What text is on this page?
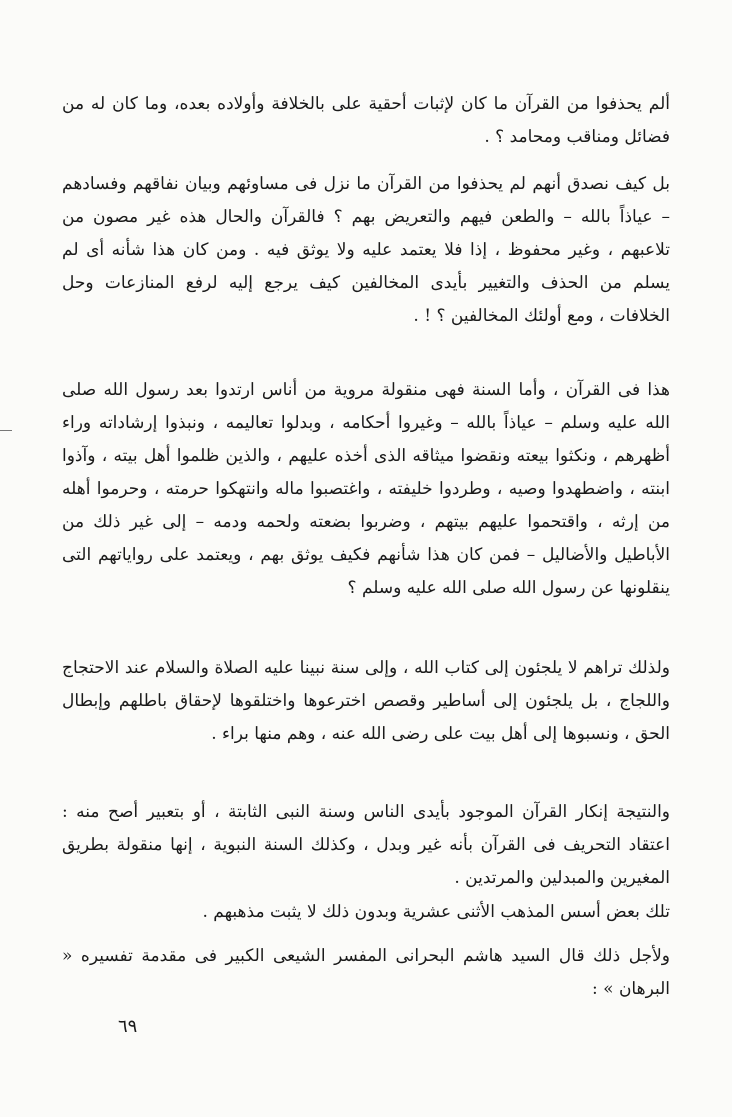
ألم يحذفوا من القرآن ما كان لإثبات أحقية على بالخلافة وأولاده بعده، وما كان له من فضائل ومناقب ومحامد ؟ .

بل كيف نصدق أنهم لم يحذفوا من القرآن ما نزل فى مساوئهم وبيان نفاقهم وفسادهم – عياذاً بالله – والطعن فيهم والتعريض بهم ؟ فالقرآن والحال هذه غير مصون من تلاعبهم ، وغير محفوظ ، إذا فلا يعتمد عليه ولا يوثق فيه . ومن كان هذا شأنه أى لم يسلم من الحذف والتغيير بأيدى المخالفين كيف يرجع إليه لرفع المنازعات وحل الخلافات ، ومع أولئك المخالفين ؟ ! .

هذا فى القرآن ، وأما السنة فهى منقولة مروية من أناس ارتدوا بعد رسول الله صلى الله عليه وسلم – عياذاً بالله – وغيروا أحكامه ، وبدلوا تعاليمه ، ونبذوا إرشاداته وراء أظهرهم ، ونكثوا بيعته ونقضوا ميثاقه الذى أخذه عليهم ، والذين ظلموا أهل بيته ، وآذوا ابنته ، واضطهدوا وصيه ، وطردوا خليفته ، واغتصبوا ماله وانتهكوا حرمته ، وحرموا أهله من إرثه ، واقتحموا عليهم بيتهم ، وضربوا بضعته ولحمه ودمه – إلى غير ذلك من الأباطيل والأضاليل – فمن كان هذا شأنهم فكيف يوثق بهم ، ويعتمد على رواياتهم التى ينقلونها عن رسول الله صلى الله عليه وسلم ؟

ولذلك تراهم لا يلجئون إلى كتاب الله ، وإلى سنة نبينا عليه الصلاة والسلام عند الاحتجاج واللجاج ، بل يلجئون إلى أساطير وقصص اخترعوها واختلقوها لإحقاق باطلهم وإبطال الحق ، ونسبوها إلى أهل بيت على رضى الله عنه ، وهم منها براء .

والنتيجة إنكار القرآن الموجود بأيدى الناس وسنة النبى الثابتة ، أو بتعبير أصح منه : اعتقاد التحريف فى القرآن بأنه غير وبدل ، وكذلك السنة النبوية ، إنها منقولة بطريق المغيرين والمبدلين والمرتدين .

تلك بعض أسس المذهب الأثنى عشرية وبدون ذلك لا يثبت مذهبهم .

ولأجل ذلك قال السيد هاشم البحرانى المفسر الشيعى الكبير فى مقدمة تفسيره « البرهان » :

٦٩
